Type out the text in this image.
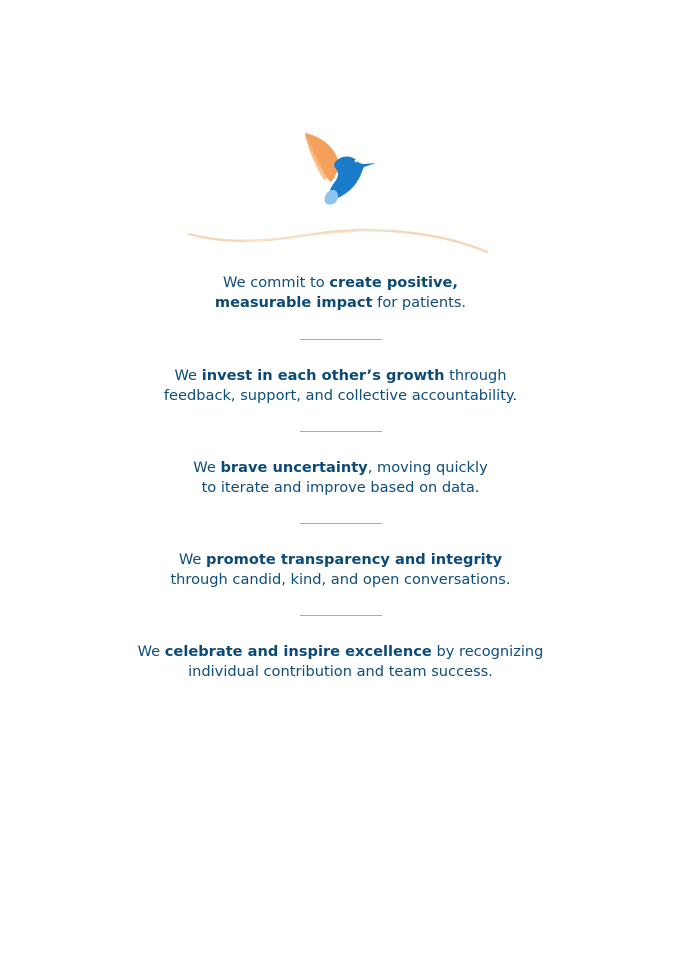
We commit to create positive,
measurable impact for patients.
We invest in each other’s growth through
feedback, support, and collective accountability.
We brave uncertainty, moving quickly
to iterate and improve based on data.
We promote transparency and integrity
through candid, kind, and open conversations.
We celebrate and inspire excellence by recognizing
individual contribution and team success.
